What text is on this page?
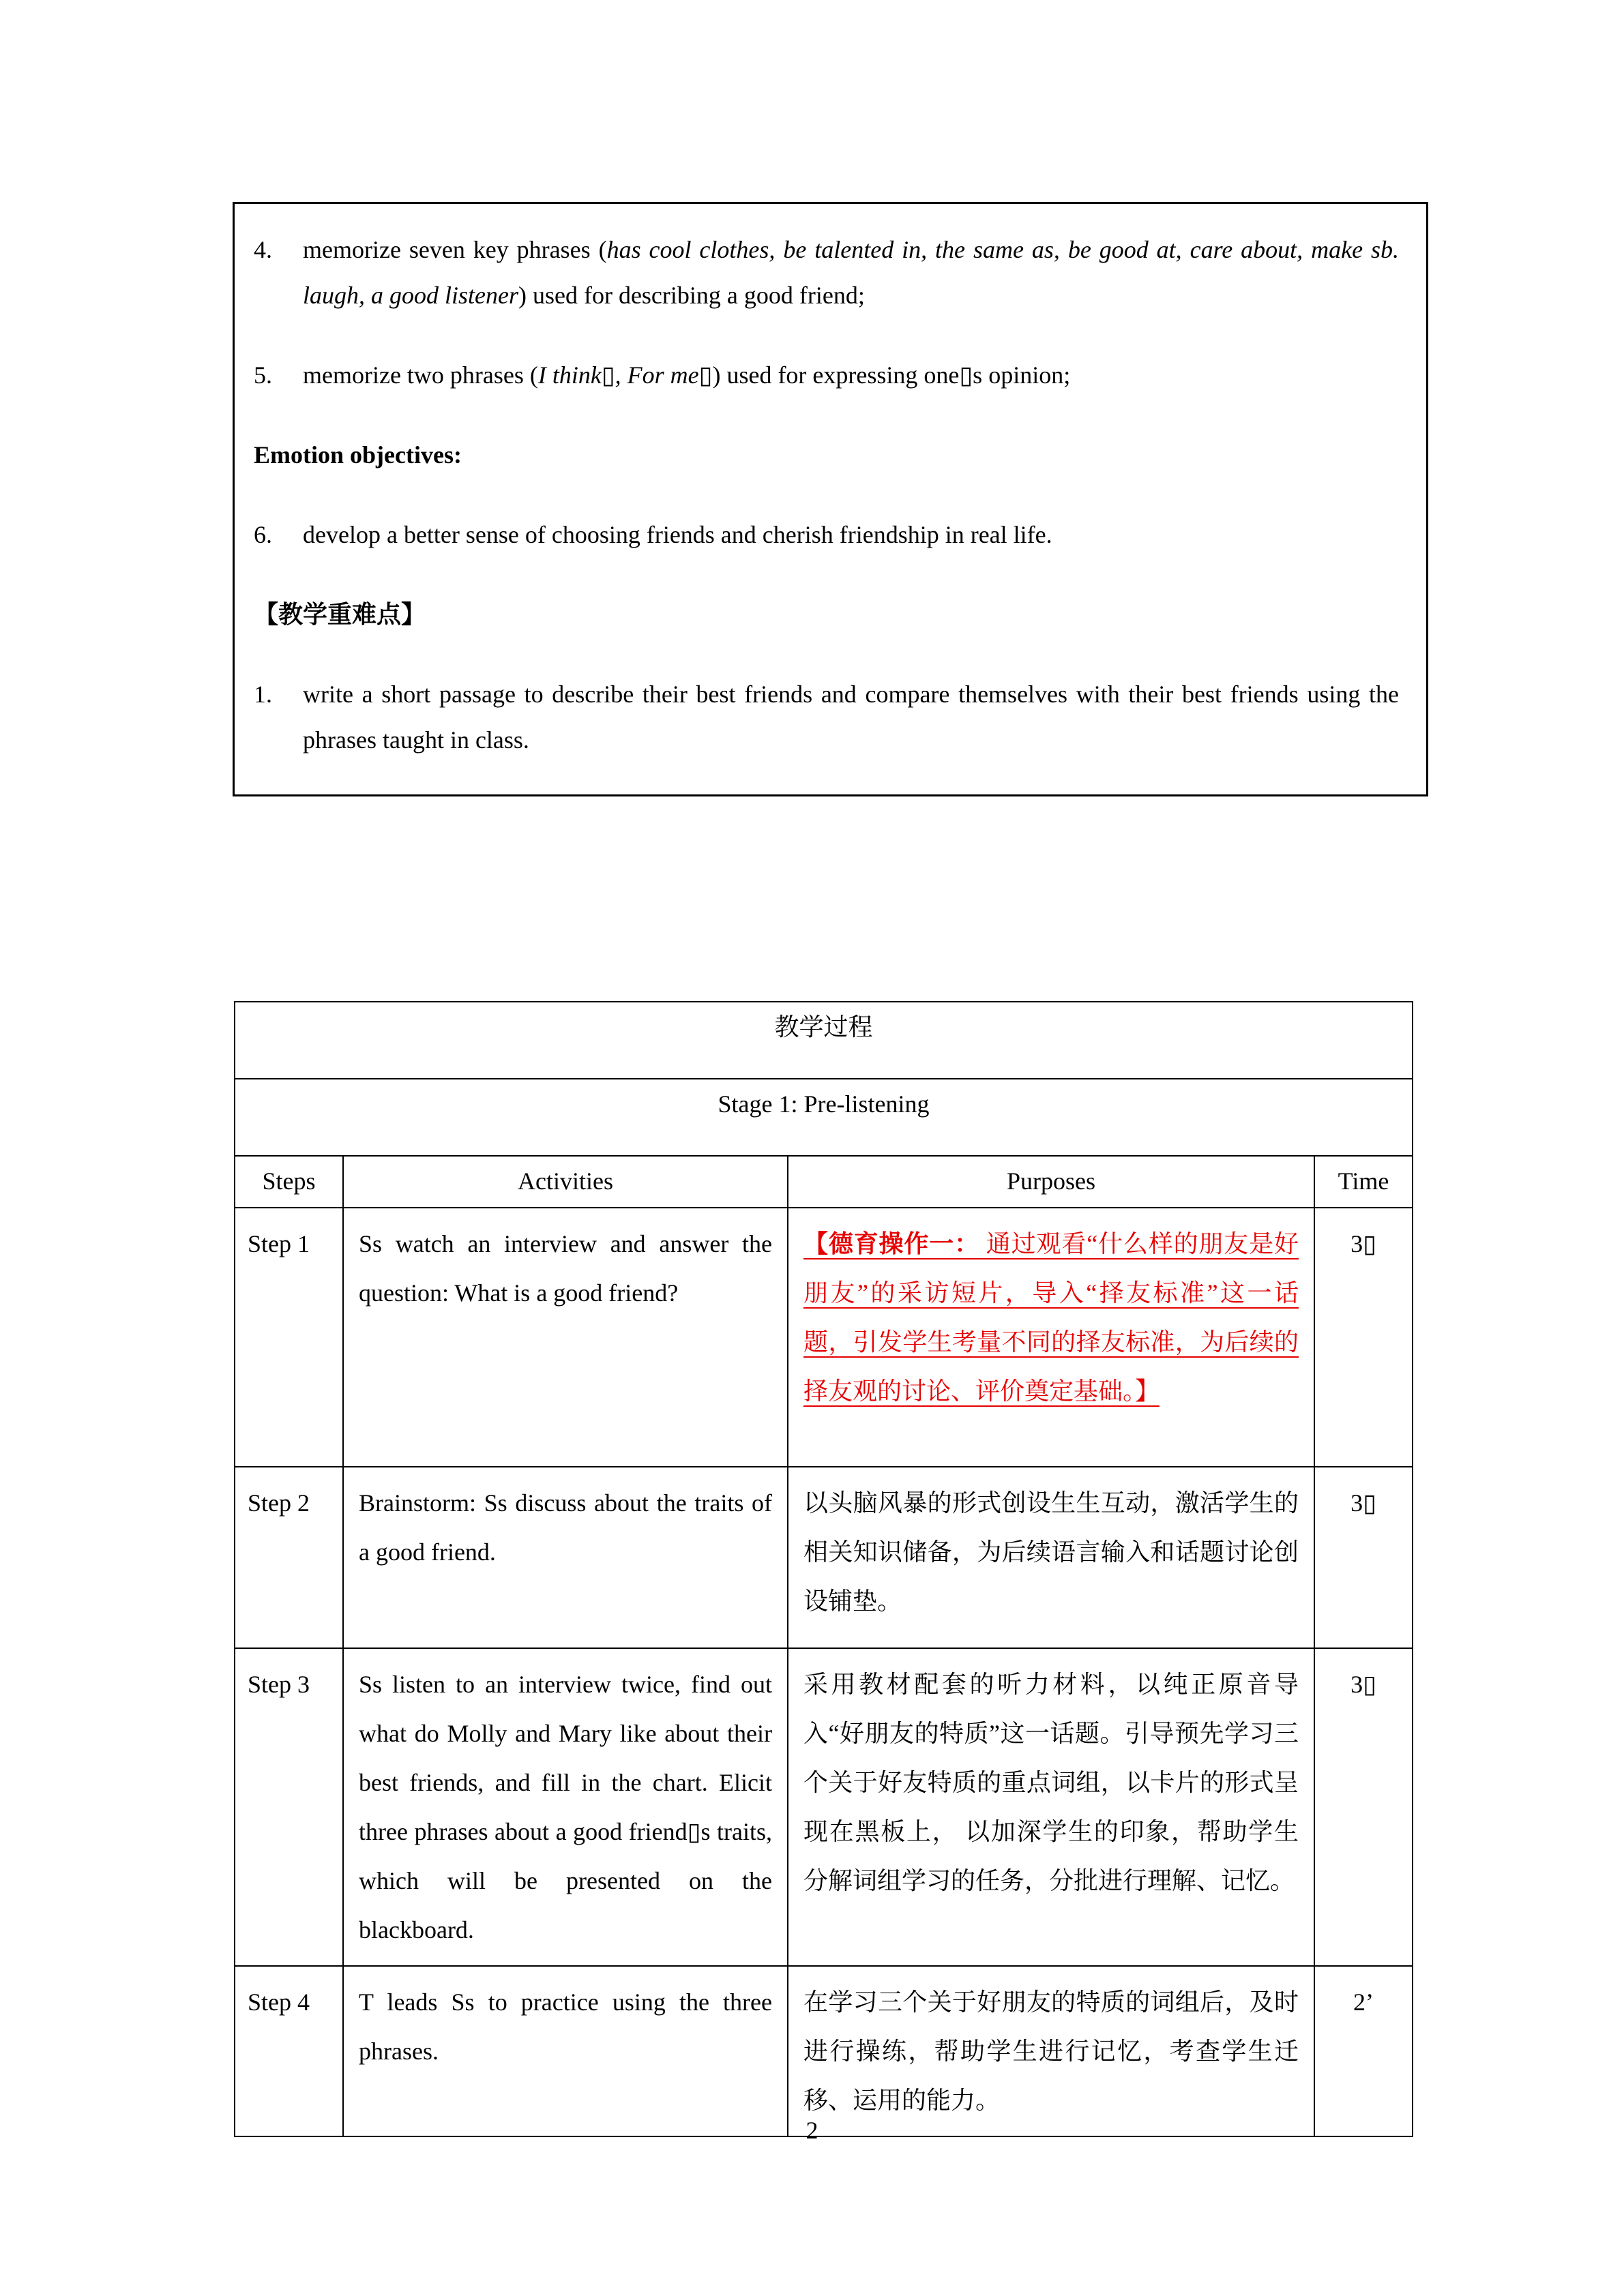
4.	memorize seven key phrases (has cool clothes, be talented in, the same as, be good at, care about, make sb. laugh, a good listener) used for describing a good friend;

5.	memorize two phrases (I think▯, For me▯) used for expressing one▯s opinion;

Emotion objectives:

6.	develop a better sense of choosing friends and cherish friendship in real life.

【教学重难点】

1.	write a short passage to describe their best friends and compare themselves with their best friends using the phrases taught in class.

教学过程			
Stage 1: Pre-listening			
Steps	Activities	Purposes	Time
Step 1	Ss watch an interview and answer the question: What is a good friend?	【德育操作一： 通过观看“什么样的朋友是好朋友”的采访短片，导入“择友标准”这一话题，引发学生考量不同的择友标准，为后续的择友观的讨论、评价奠定基础。】	3▯
Step 2	Brainstorm: Ss discuss about the traits of a good friend.	以头脑风暴的形式创设生生互动，激活学生的相关知识储备，为后续语言输入和话题讨论创设铺垫。	3▯
Step 3	Ss listen to an interview twice, find out what do Molly and Mary like about their best friends, and fill in the chart. Elicit three phrases about a good friend▯s traits, which will be presented on the blackboard.	采用教材配套的听力材料，以纯正原音导入“好朋友的特质”这一话题。引导预先学习三个关于好友特质的重点词组，以卡片的形式呈现在黑板上， 以加深学生的印象，帮助学生分解词组学习的任务，分批进行理解、记忆。	3▯
Step 4	T leads Ss to practice using the three phrases.	在学习三个关于好朋友的特质的词组后，及时进行操练，帮助学生进行记忆，考查学生迁移、运用的能力。	2’
2
